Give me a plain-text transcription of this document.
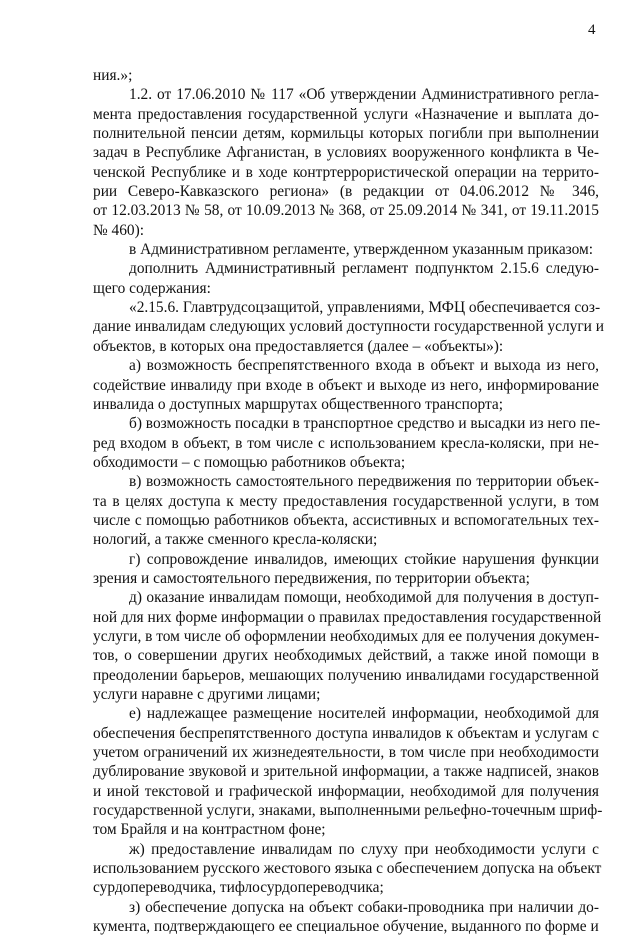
4

ния.»;

1.2. от 17.06.2010 № 117 «Об утверждении Административного регла-
мента предоставления государственной услуги «Назначение и выплата до-
полнительной пенсии детям, кормильцы которых погибли при выполнении
задач в Республике Афганистан, в условиях вооруженного конфликта в Че-
ченской Республике и в ходе контртеррористической операции на террито-
рии Северо-Кавказского региона» (в редакции от 04.06.2012 № 346,
от 12.03.2013 № 58, от 10.09.2013 № 368, от 25.09.2014 № 341, от 19.11.2015
№ 460):

в Административном регламенте, утвержденном указанным приказом:

дополнить Административный регламент подпунктом 2.15.6 следую-
щего содержания:

«2.15.6. Главтрудсоцзащитой, управлениями, МФЦ обеспечивается соз-
дание инвалидам следующих условий доступности государственной услуги и
объектов, в которых она предоставляется (далее – «объекты»):

а) возможность беспрепятственного входа в объект и выхода из него,
содействие инвалиду при входе в объект и выходе из него, информирование
инвалида о доступных маршрутах общественного транспорта;

б) возможность посадки в транспортное средство и высадки из него пе-
ред входом в объект, в том числе с использованием кресла-коляски, при не-
обходимости – с помощью работников объекта;

в) возможность самостоятельного передвижения по территории объек-
та в целях доступа к месту предоставления государственной услуги, в том
числе с помощью работников объекта, ассистивных и вспомогательных тех-
нологий, а также сменного кресла-коляски;

г) сопровождение инвалидов, имеющих стойкие нарушения функции
зрения и самостоятельного передвижения, по территории объекта;

д) оказание инвалидам помощи, необходимой для получения в доступ-
ной для них форме информации о правилах предоставления государственной
услуги, в том числе об оформлении необходимых для ее получения докумен-
тов, о совершении других необходимых действий, а также иной помощи в
преодолении барьеров, мешающих получению инвалидами государственной
услуги наравне с другими лицами;

е) надлежащее размещение носителей информации, необходимой для
обеспечения беспрепятственного доступа инвалидов к объектам и услугам с
учетом ограничений их жизнедеятельности, в том числе при необходимости
дублирование звуковой и зрительной информации, а также надписей, знаков
и иной текстовой и графической информации, необходимой для получения
государственной услуги, знаками, выполненными рельефно-точечным шриф-
том Брайля и на контрастном фоне;

ж) предоставление инвалидам по слуху при необходимости услуги с
использованием русского жестового языка с обеспечением допуска на объект
сурдопереводчика, тифлосурдопереводчика;

з) обеспечение допуска на объект собаки-проводника при наличии до-
кумента, подтверждающего ее специальное обучение, выданного по форме и
